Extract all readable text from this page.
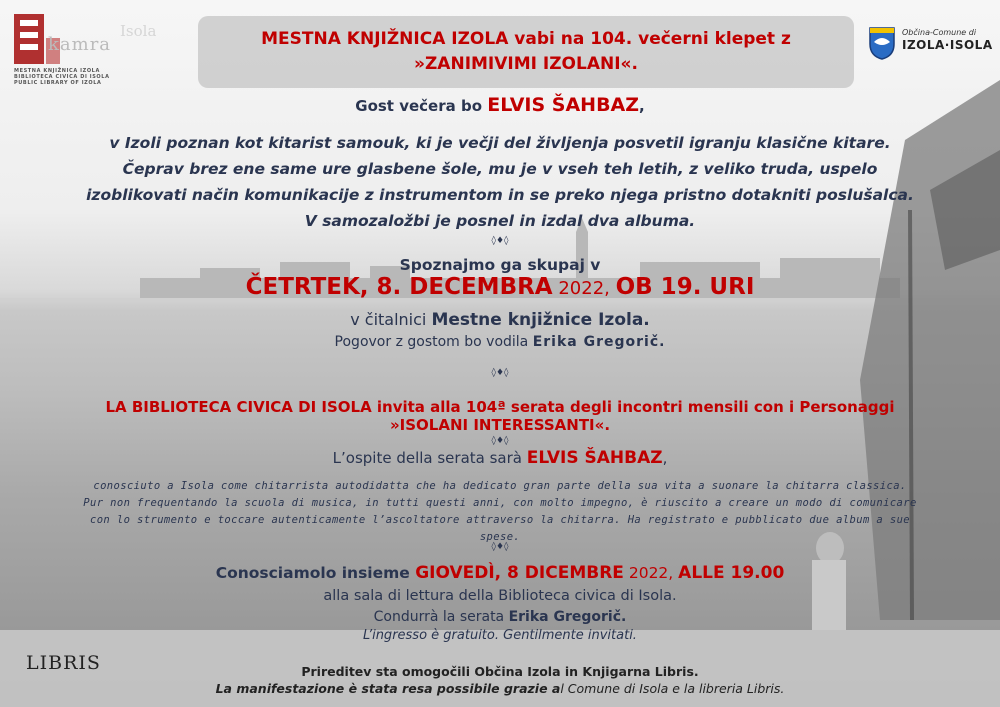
kamra
MESTNA KNJIŽNICA IZOLA
BIBLIOTECA CIVICA DI ISOLA
PUBLIC LIBRARY OF IZOLA
Isola	Občina-Comune di
IZOLA·ISOLA
MESTNA KNJIŽNICA IZOLA vabi na 104. večerni klepet z
»ZANIMIVIMI IZOLANI«.
Gost večera bo ELVIS ŠAHBAZ,
v Izoli poznan kot kitarist samouk, ki je večji del življenja posvetil igranju klasične kitare.
Čeprav brez ene same ure glasbene šole, mu je v vseh teh letih, z veliko truda, uspelo
izoblikovati način komunikacije z instrumentom in se preko njega pristno dotakniti poslušalca.
V samozaložbi je posnel in izdal dva albuma.
◊♦◊
Spoznajmo ga skupaj v
ČETRTEK, 8. DECEMBRA 2022, OB 19. URI
v čitalnici Mestne knjižnice Izola.
Pogovor z gostom bo vodila Erika Gregorič.
◊♦◊
LA BIBLIOTECA CIVICA DI ISOLA invita alla 104ª serata degli incontri mensili con i Personaggi
»ISOLANI INTERESSANTI«.
◊♦◊
L’ospite della serata sarà ELVIS ŠAHBAZ,
conosciuto a Isola come chitarrista autodidatta che ha dedicato gran parte della sua vita a suonare la chitarra classica.
Pur non frequentando la scuola di musica, in tutti questi anni, con molto impegno, è riuscito a creare un modo di comunicare
con lo strumento e toccare autenticamente l’ascoltatore attraverso la chitarra. Ha registrato e pubblicato due album a sue
spese.
◊♦◊
Conosciamolo insieme GIOVEDÌ, 8 DICEMBRE 2022, ALLE 19.00
alla sala di lettura della Biblioteca civica di Isola.
Condurrà la serata Erika Gregorič.
L’ingresso è gratuito. Gentilmente invitati.
LIBRIS	Prireditev sta omogočili Občina Izola in Knjigarna Libris.
La manifestazione è stata resa possibile grazie al Comune di Isola e la libreria Libris.
